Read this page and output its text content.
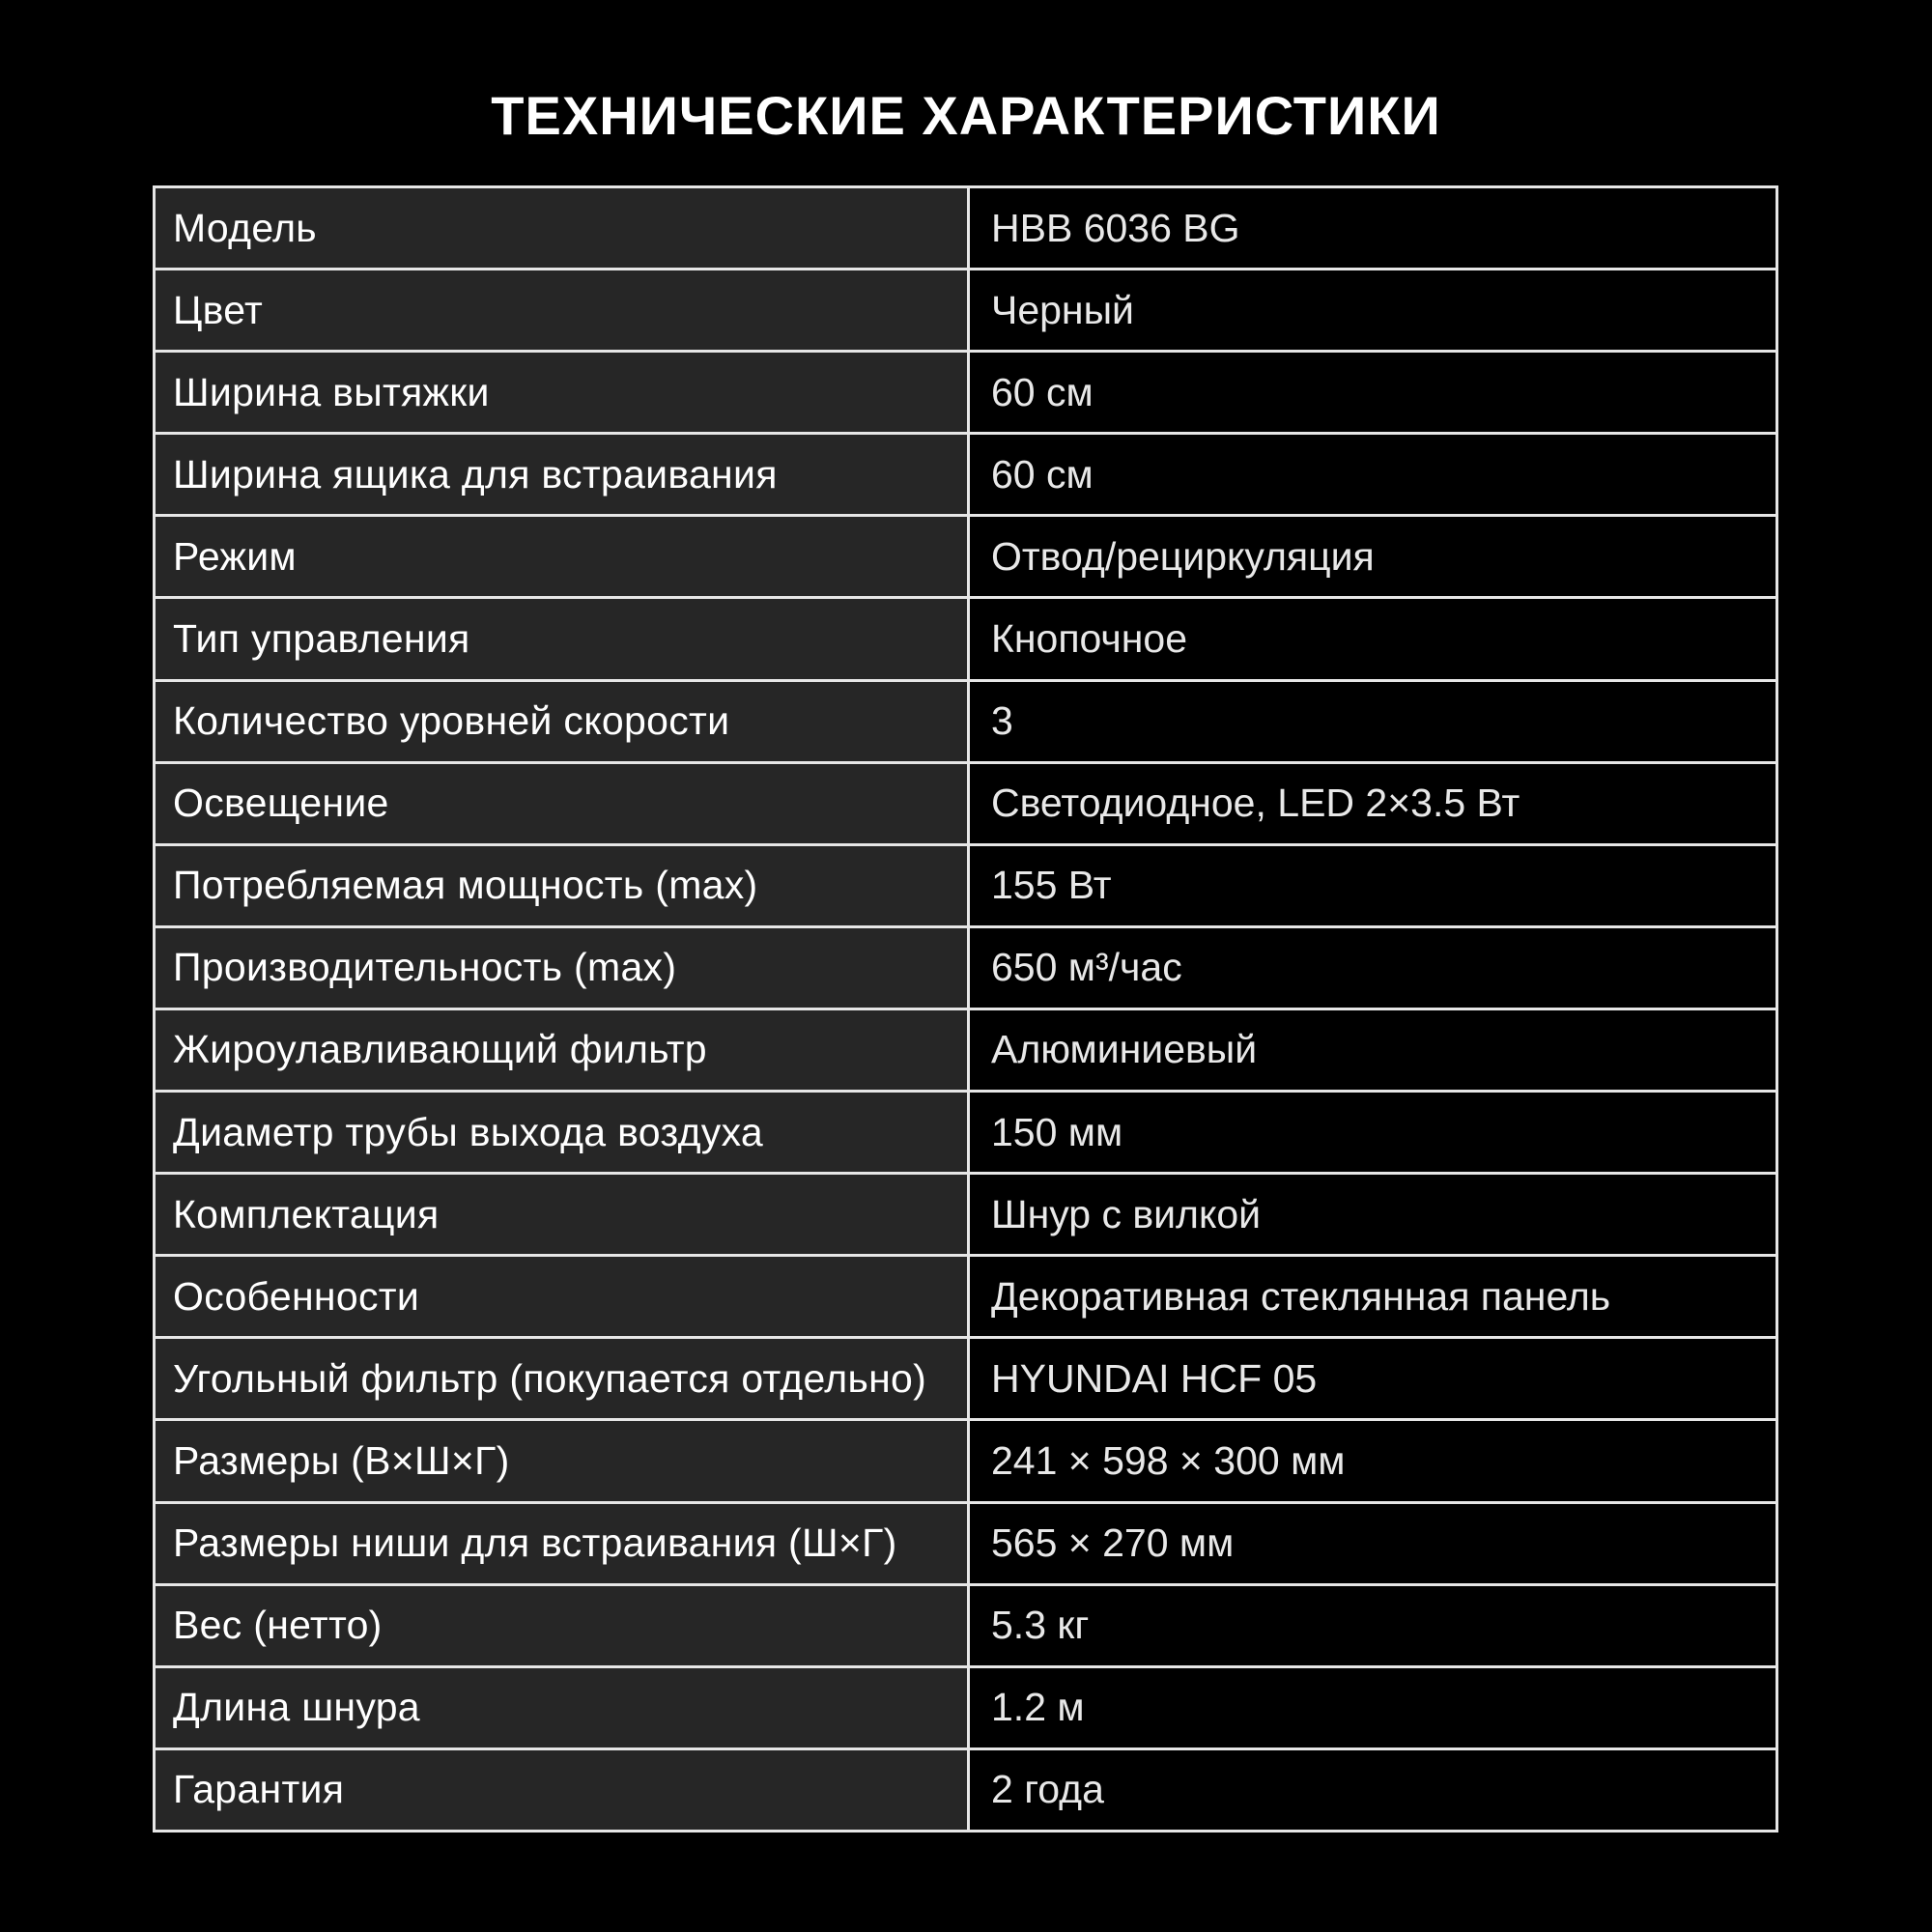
ТЕХНИЧЕСКИЕ ХАРАКТЕРИСТИКИ
Модель	HBB 6036 BG
Цвет	Черный
Ширина вытяжки	60 см
Ширина ящика для встраивания	60 см
Режим	Отвод/рециркуляция
Тип управления	Кнопочное
Количество уровней скорости	3
Освещение	Светодиодное, LED 2×3.5 Вт
Потребляемая мощность (max)	155 Вт
Производительность (max)	650 м³/час
Жироулавливающий фильтр	Алюминиевый
Диаметр трубы выхода воздуха	150 мм
Комплектация	Шнур с вилкой
Особенности	Декоративная стеклянная панель
Угольный фильтр (покупается отдельно)	HYUNDAI HCF 05
Размеры (В×Ш×Г)	241 × 598 × 300 мм
Размеры ниши для встраивания (Ш×Г)	565 × 270 мм
Вес (нетто)	5.3 кг
Длина шнура	1.2 м
Гарантия	2 года
